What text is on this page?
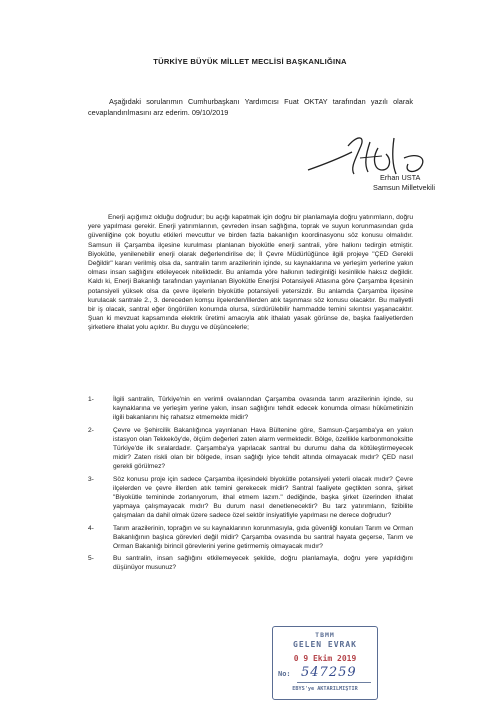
TÜRKİYE BÜYÜK MİLLET MECLİSİ BAŞKANLIĞINA

Aşağıdaki sorularımın Cumhurbaşkanı Yardımcısı Fuat OKTAY tarafından yazılı olarak cevaplandırılmasını arz ederim. 09/10/2019

Erhan USTA
Samsun Milletvekili

Enerji açığımız olduğu doğrudur; bu açığı kapatmak için doğru bir planlamayla doğru yatırımların, doğru yere yapılması gerekir. Enerji yatırımlarının, çevreden insan sağlığına, toprak ve suyun korunmasından gıda güvenliğine çok boyutlu etkileri mevcuttur ve birden fazla bakanlığın koordinasyonu söz konusu olmalıdır. Samsun ili Çarşamba ilçesine kurulması planlanan biyokütle enerji santrali, yöre halkını tedirgin etmiştir. Biyokütle, yenilenebilir enerji olarak değerlendirilse de; İl Çevre Müdürlüğünce ilgili projeye "ÇED Gerekli Değildir" kararı verilmiş olsa da, santralin tarım arazilerinin içinde, su kaynaklarına ve yerleşim yerlerine yakın olması insan sağlığını etkileyecek niteliktedir. Bu anlamda yöre halkının tedirginliği kesinlikle haksız değildir. Kaldı ki, Enerji Bakanlığı tarafından yayınlanan Biyokütle Enerjisi Potansiyeli Atlasına göre Çarşamba ilçesinin potansiyeli yüksek olsa da çevre ilçelerin biyokütle potansiyeli yetersizdir. Bu anlamda Çarşamba ilçesine kurulacak santrale 2., 3. dereceden komşu ilçelerden/illerden atık taşınması söz konusu olacaktır. Bu maliyetli bir iş olacak, santral eğer öngörülen konumda olursa, sürdürülebilir hammadde temini sıkıntısı yaşanacaktır. Şuan ki mevzuat kapsamında elektrik üretimi amacıyla atık ithalatı yasak görünse de, başka faaliyetlerden şirketlere ithalat yolu açıktır. Bu duygu ve düşüncelerle;

1-	İlgili santralin, Türkiye'nin en verimli ovalarından Çarşamba ovasında tarım arazilerinin içinde, su kaynaklarına ve yerleşim yerine yakın, insan sağlığını tehdit edecek konumda olması hükümetinizin ilgili bakanlarını hiç rahatsız etmemekte midir?
2-	Çevre ve Şehircilik Bakanlığınca yayınlanan Hava Bültenine göre, Samsun-Çarşamba'ya en yakın istasyon olan Tekkeköy'de, ölçüm değerleri zaten alarm vermektedir. Bölge, özellikle karbonmonoksitte Türkiye'de ilk sıralardadır. Çarşamba'ya yapılacak santral bu durumu daha da kötüleştirmeyecek midir? Zaten riskli olan bir bölgede, insan sağlığı iyice tehdit altında olmayacak mıdır? ÇED nasıl gerekli görülmez?
3-	Söz konusu proje için sadece Çarşamba ilçesindeki biyokütle potansiyeli yeterli olacak mıdır? Çevre ilçelerden ve çevre illerden atık temini gerekecek midir? Santral faaliyete geçtikten sonra, şirket "Biyokütle temininde zorlanıyorum, ithal etmem lazım." dediğinde, başka şirket üzerinden ithalat yapmaya çalışmayacak mıdır? Bu durum nasıl denetlenecektir? Bu tarz yatırımların, fizibilite çalışmaları da dahil olmak üzere sadece özel sektör insiyatifiyle yapılması ne derece doğrudur?
4-	Tarım arazilerinin, toprağın ve su kaynaklarının korunmasıyla, gıda güvenliği konuları Tarım ve Orman Bakanlığının başlıca görevleri değil midir? Çarşamba ovasında bu santral hayata geçerse, Tarım ve Orman Bakanlığı birincil görevlerini yerine getirmemiş olmayacak mıdır?
5-	Bu santralin, insan sağlığını etkilemeyecek şekilde, doğru planlamayla, doğru yere yapıldığını düşünüyor musunuz?
TBMM
GELEN EVRAK
0 9 Ekim 2019
No: 547259
EBYS'ye AKTARILMIŞTIR
